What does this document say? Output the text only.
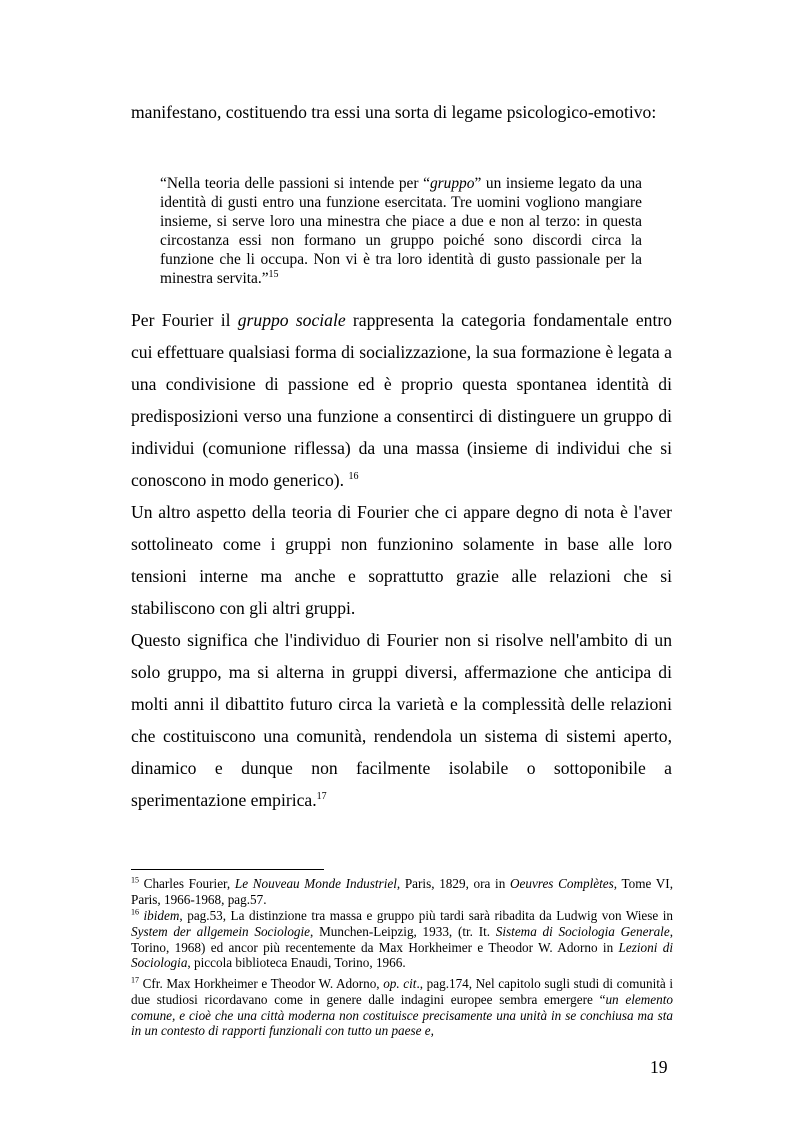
manifestano, costituendo tra essi una sorta di legame psicologico-emotivo:

“Nella teoria delle passioni si intende per “gruppo” un insieme legato da una identità di gusti entro una funzione esercitata. Tre uomini vogliono mangiare insieme, si serve loro una minestra che piace a due e non al terzo: in questa circostanza essi non formano un gruppo poiché sono discordi circa la funzione che li occupa. Non vi è tra loro identità di gusto passionale per la minestra servita.”$^{15}$

Per Fourier il gruppo sociale rappresenta la categoria fondamentale entro cui effettuare qualsiasi forma di socializzazione, la sua formazione è legata a una condivisione di passione ed è proprio questa spontanea identità di predisposizioni verso una funzione a consentirci di distinguere un gruppo di individui (comunione riflessa) da una massa (insieme di individui che si conoscono in modo generico). $^{16}$

Un altro aspetto della teoria di Fourier che ci appare degno di nota è l'aver sottolineato come i gruppi non funzionino solamente in base alle loro tensioni interne ma anche e soprattutto grazie alle relazioni che si stabiliscono con gli altri gruppi.

Questo significa che l'individuo di Fourier non si risolve nell'ambito di un solo gruppo, ma si alterna in gruppi diversi, affermazione che anticipa di molti anni il dibattito futuro circa la varietà e la complessità delle relazioni che costituiscono una comunità, rendendola un sistema di sistemi aperto, dinamico e dunque non facilmente isolabile o sottoponibile a sperimentazione empirica.$^{17}$

$^{15}$ Charles Fourier, Le Nouveau Monde Industriel, Paris, 1829, ora in Oeuvres Complètes, Tome VI, Paris, 1966-1968, pag.57.

$^{16}$ ibidem, pag.53, La distinzione tra massa e gruppo più tardi sarà ribadita da Ludwig von Wiese in System der allgemein Sociologie, Munchen-Leipzig, 1933, (tr. It. Sistema di Sociologia Generale, Torino, 1968) ed ancor più recentemente da Max Horkheimer e Theodor W. Adorno in Lezioni di Sociologia, piccola biblioteca Enaudi, Torino, 1966.

$^{17}$ Cfr. Max Horkheimer e Theodor W. Adorno, op. cit., pag.174, Nel capitolo sugli studi di comunità i due studiosi ricordavano come in genere dalle indagini europee sembra emergere “un elemento comune, e cioè che una città moderna non costituisce precisamente una unità in se conchiusa ma sta in un contesto di rapporti funzionali con tutto un paese e,

19
